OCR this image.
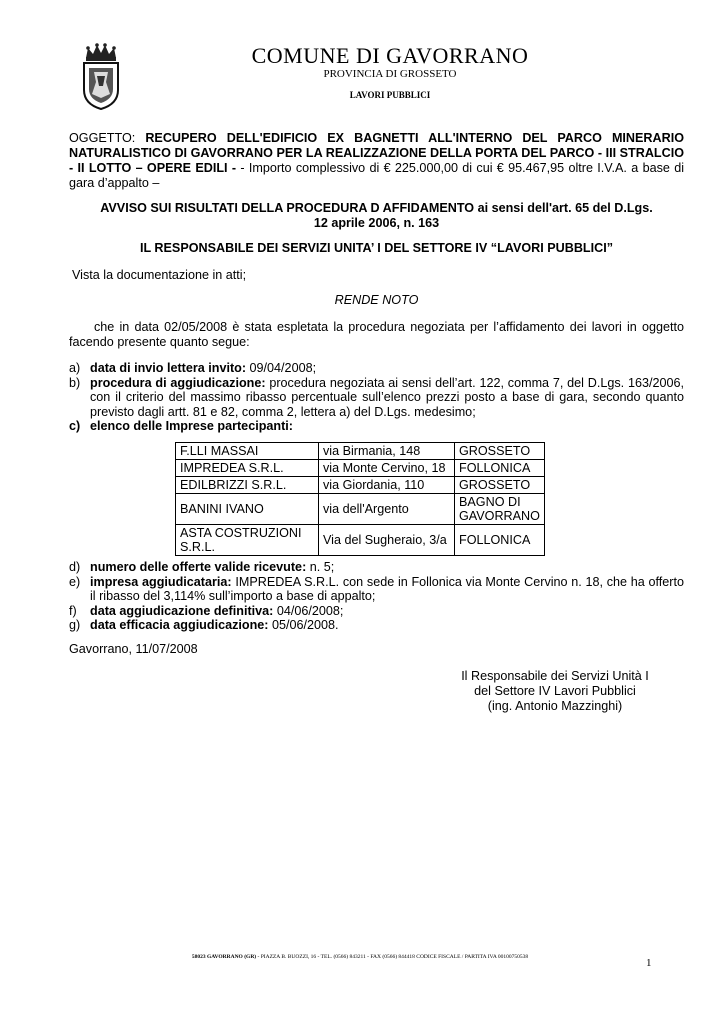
COMUNE DI GAVORRANO
PROVINCIA DI GROSSETO
LAVORI PUBBLICI
OGGETTO: RECUPERO DELL'EDIFICIO EX BAGNETTI ALL'INTERNO DEL PARCO MINERARIO NATURALISTICO DI GAVORRANO PER LA REALIZZAZIONE DELLA PORTA DEL PARCO - III STRALCIO - II LOTTO – OPERE EDILI - - Importo complessivo di € 225.000,00 di cui € 95.467,95 oltre I.V.A. a base di gara d’appalto –
AVVISO SUI RISULTATI DELLA PROCEDURA D AFFIDAMENTO ai sensi dell'art. 65 del D.Lgs. 12 aprile 2006, n. 163
IL RESPONSABILE DEI SERVIZI UNITA’ I DEL SETTORE IV “LAVORI PUBBLICI”
Vista la documentazione in atti;
RENDE NOTO
che in data 02/05/2008 è stata espletata la procedura negoziata per l’affidamento dei lavori in oggetto facendo presente quanto segue:
a) data di invio lettera invito: 09/04/2008;
b) procedura di aggiudicazione: procedura negoziata ai sensi dell’art. 122, comma 7, del D.Lgs. 163/2006, con il criterio del massimo ribasso percentuale sull’elenco prezzi posto a base di gara, secondo quanto previsto dagli artt. 81 e 82, comma 2, lettera a) del D.Lgs. medesimo;
c) elenco delle Imprese partecipanti:
F.LLI MASSAI	via Birmania, 148	GROSSETO
IMPREDEA S.R.L.	via Monte Cervino, 18	FOLLONICA
EDILBRIZZI S.R.L.	via Giordania, 110	GROSSETO
BANINI IVANO	via dell'Argento	BAGNO DI GAVORRANO
ASTA COSTRUZIONI S.R.L.	Via del Sugheraio, 3/a	FOLLONICA
d) numero delle offerte valide ricevute: n. 5;
e) impresa aggiudicataria: IMPREDEA S.R.L. con sede in Follonica via Monte Cervino n. 18, che ha offerto il ribasso del 3,114% sull’importo a base di appalto;
f) data aggiudicazione definitiva: 04/06/2008;
g) data efficacia aggiudicazione: 05/06/2008.
Gavorrano, 11/07/2008
Il Responsabile dei Servizi Unità I
del Settore IV Lavori Pubblici
(ing. Antonio Mazzinghi)
58023 GAVORRANO (GR) - PIAZZA B. BUOZZI, 16 - TEL. (0566) 843211 - FAX (0566) 844418 CODICE FISCALE / PARTITA IVA 00100750538	1
